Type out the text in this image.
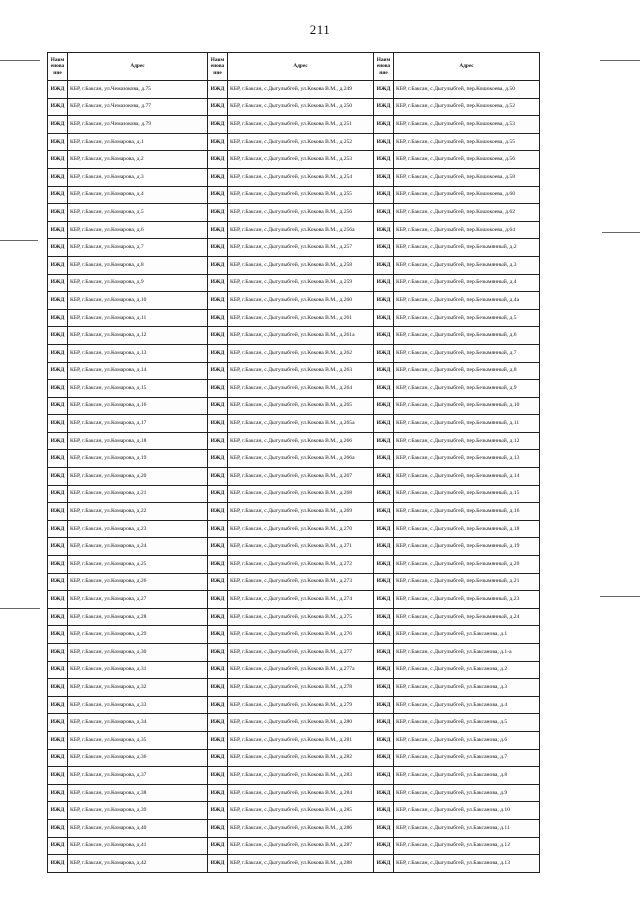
211
Наим енова ние	Адрес	Наим енова ние	Адрес	Наим енова ние	Адрес
ИЖД	КБР, г.Баксан, ул.Чемазокова, д.75	ИЖД	КБР, г.Баксан, с.Дыгулыбгей, ул.Кокова В.М., д.249	ИЖД	КБР, г.Баксан, с.Дыгулыбгей, пер.Кошокоева, д.50
ИЖД	КБР, г.Баксан, ул.Чемазокова, д.77	ИЖД	КБР, г.Баксан, с.Дыгулыбгей, ул.Кокова В.М., д.250	ИЖД	КБР, г.Баксан, с.Дыгулыбгей, пер.Кошокоева, д.52
ИЖД	КБР, г.Баксан, ул.Чемазокова, д.79	ИЖД	КБР, г.Баксан, с.Дыгулыбгей, ул.Кокова В.М., д.251	ИЖД	КБР, г.Баксан, с.Дыгулыбгей, пер.Кошокоева, д.53
ИЖД	КБР, г.Баксан, ул.Комарова, д.1	ИЖД	КБР, г.Баксан, с.Дыгулыбгей, ул.Кокова В.М., д.252	ИЖД	КБР, г.Баксан, с.Дыгулыбгей, пер.Кошокоева, д.55
ИЖД	КБР, г.Баксан, ул.Комарова, д.2	ИЖД	КБР, г.Баксан, с.Дыгулыбгей, ул.Кокова В.М., д.253	ИЖД	КБР, г.Баксан, с.Дыгулыбгей, пер.Кошокоева, д.56
ИЖД	КБР, г.Баксан, ул.Комарова, д.3	ИЖД	КБР, г.Баксан, с.Дыгулыбгей, ул.Кокова В.М., д.254	ИЖД	КБР, г.Баксан, с.Дыгулыбгей, пер.Кошокоева, д.58
ИЖД	КБР, г.Баксан, ул.Комарова, д.4	ИЖД	КБР, г.Баксан, с.Дыгулыбгей, ул.Кокова В.М., д.255	ИЖД	КБР, г.Баксан, с.Дыгулыбгей, пер.Кошокоева, д.60
ИЖД	КБР, г.Баксан, ул.Комарова, д.5	ИЖД	КБР, г.Баксан, с.Дыгулыбгей, ул.Кокова В.М., д.256	ИЖД	КБР, г.Баксан, с.Дыгулыбгей, пер.Кошокоева, д.62
ИЖД	КБР, г.Баксан, ул.Комарова, д.6	ИЖД	КБР, г.Баксан, с.Дыгулыбгей, ул.Кокова В.М., д.256а	ИЖД	КБР, г.Баксан, с.Дыгулыбгей, пер.Кошокоева, д.64
ИЖД	КБР, г.Баксан, ул.Комарова, д.7	ИЖД	КБР, г.Баксан, с.Дыгулыбгей, ул.Кокова В.М., д.257	ИЖД	КБР, г.Баксан, с.Дыгулыбгей, пер.Безымянный, д.2
ИЖД	КБР, г.Баксан, ул.Комарова, д.8	ИЖД	КБР, г.Баксан, с.Дыгулыбгей, ул.Кокова В.М., д.258	ИЖД	КБР, г.Баксан, с.Дыгулыбгей, пер.Безымянный, д.3
ИЖД	КБР, г.Баксан, ул.Комарова, д.9	ИЖД	КБР, г.Баксан, с.Дыгулыбгей, ул.Кокова В.М., д.259	ИЖД	КБР, г.Баксан, с.Дыгулыбгей, пер.Безымянный, д.4
ИЖД	КБР, г.Баксан, ул.Комарова, д.10	ИЖД	КБР, г.Баксан, с.Дыгулыбгей, ул.Кокова В.М., д.260	ИЖД	КБР, г.Баксан, с.Дыгулыбгей, пер.Безымянный, д.4а
ИЖД	КБР, г.Баксан, ул.Комарова, д.11	ИЖД	КБР, г.Баксан, с.Дыгулыбгей, ул.Кокова В.М., д.261	ИЖД	КБР, г.Баксан, с.Дыгулыбгей, пер.Безымянный, д.5
ИЖД	КБР, г.Баксан, ул.Комарова, д.12	ИЖД	КБР, г.Баксан, с.Дыгулыбгей, ул.Кокова В.М., д.261а	ИЖД	КБР, г.Баксан, с.Дыгулыбгей, пер.Безымянный, д.6
ИЖД	КБР, г.Баксан, ул.Комарова, д.13	ИЖД	КБР, г.Баксан, с.Дыгулыбгей, ул.Кокова В.М., д.262	ИЖД	КБР, г.Баксан, с.Дыгулыбгей, пер.Безымянный, д.7
ИЖД	КБР, г.Баксан, ул.Комарова, д.14	ИЖД	КБР, г.Баксан, с.Дыгулыбгей, ул.Кокова В.М., д.263	ИЖД	КБР, г.Баксан, с.Дыгулыбгей, пер.Безымянный, д.8
ИЖД	КБР, г.Баксан, ул.Комарова, д.15	ИЖД	КБР, г.Баксан, с.Дыгулыбгей, ул.Кокова В.М., д.264	ИЖД	КБР, г.Баксан, с.Дыгулыбгей, пер.Безымянный, д.9
ИЖД	КБР, г.Баксан, ул.Комарова, д.16	ИЖД	КБР, г.Баксан, с.Дыгулыбгей, ул.Кокова В.М., д.265	ИЖД	КБР, г.Баксан, с.Дыгулыбгей, пер.Безымянный, д.10
ИЖД	КБР, г.Баксан, ул.Комарова, д.17	ИЖД	КБР, г.Баксан, с.Дыгулыбгей, ул.Кокова В.М., д.265а	ИЖД	КБР, г.Баксан, с.Дыгулыбгей, пер.Безымянный, д.11
ИЖД	КБР, г.Баксан, ул.Комарова, д.18	ИЖД	КБР, г.Баксан, с.Дыгулыбгей, ул.Кокова В.М., д.266	ИЖД	КБР, г.Баксан, с.Дыгулыбгей, пер.Безымянный, д.12
ИЖД	КБР, г.Баксан, ул.Комарова, д.19	ИЖД	КБР, г.Баксан, с.Дыгулыбгей, ул.Кокова В.М., д.266а	ИЖД	КБР, г.Баксан, с.Дыгулыбгей, пер.Безымянный, д.13
ИЖД	КБР, г.Баксан, ул.Комарова, д.20	ИЖД	КБР, г.Баксан, с.Дыгулыбгей, ул.Кокова В.М., д.267	ИЖД	КБР, г.Баксан, с.Дыгулыбгей, пер.Безымянный, д.14
ИЖД	КБР, г.Баксан, ул.Комарова, д.21	ИЖД	КБР, г.Баксан, с.Дыгулыбгей, ул.Кокова В.М., д.268	ИЖД	КБР, г.Баксан, с.Дыгулыбгей, пер.Безымянный, д.15
ИЖД	КБР, г.Баксан, ул.Комарова, д.22	ИЖД	КБР, г.Баксан, с.Дыгулыбгей, ул.Кокова В.М., д.269	ИЖД	КБР, г.Баксан, с.Дыгулыбгей, пер.Безымянный, д.16
ИЖД	КБР, г.Баксан, ул.Комарова, д.23	ИЖД	КБР, г.Баксан, с.Дыгулыбгей, ул.Кокова В.М., д.270	ИЖД	КБР, г.Баксан, с.Дыгулыбгей, пер.Безымянный, д.18
ИЖД	КБР, г.Баксан, ул.Комарова, д.24	ИЖД	КБР, г.Баксан, с.Дыгулыбгей, ул.Кокова В.М., д.271	ИЖД	КБР, г.Баксан, с.Дыгулыбгей, пер.Безымянный, д.19
ИЖД	КБР, г.Баксан, ул.Комарова, д.25	ИЖД	КБР, г.Баксан, с.Дыгулыбгей, ул.Кокова В.М., д.272	ИЖД	КБР, г.Баксан, с.Дыгулыбгей, пер.Безымянный, д.20
ИЖД	КБР, г.Баксан, ул.Комарова, д.26	ИЖД	КБР, г.Баксан, с.Дыгулыбгей, ул.Кокова В.М., д.273	ИЖД	КБР, г.Баксан, с.Дыгулыбгей, пер.Безымянный, д.21
ИЖД	КБР, г.Баксан, ул.Комарова, д.27	ИЖД	КБР, г.Баксан, с.Дыгулыбгей, ул.Кокова В.М., д.274	ИЖД	КБР, г.Баксан, с.Дыгулыбгей, пер.Безымянный, д.23
ИЖД	КБР, г.Баксан, ул.Комарова, д.28	ИЖД	КБР, г.Баксан, с.Дыгулыбгей, ул.Кокова В.М., д.275	ИЖД	КБР, г.Баксан, с.Дыгулыбгей, пер.Безымянный, д.24
ИЖД	КБР, г.Баксан, ул.Комарова, д.29	ИЖД	КБР, г.Баксан, с.Дыгулыбгей, ул.Кокова В.М., д.276	ИЖД	КБР, г.Баксан, с.Дыгулыбгей, ул.Баксанова, д.1
ИЖД	КБР, г.Баксан, ул.Комарова, д.30	ИЖД	КБР, г.Баксан, с.Дыгулыбгей, ул.Кокова В.М., д.277	ИЖД	КБР, г.Баксан, с.Дыгулыбгей, ул.Баксанова, д.1-а
ИЖД	КБР, г.Баксан, ул.Комарова, д.31	ИЖД	КБР, г.Баксан, с.Дыгулыбгей, ул.Кокова В.М., д.277а	ИЖД	КБР, г.Баксан, с.Дыгулыбгей, ул.Баксанова, д.2
ИЖД	КБР, г.Баксан, ул.Комарова, д.32	ИЖД	КБР, г.Баксан, с.Дыгулыбгей, ул.Кокова В.М., д.278	ИЖД	КБР, г.Баксан, с.Дыгулыбгей, ул.Баксанова, д.3
ИЖД	КБР, г.Баксан, ул.Комарова, д.33	ИЖД	КБР, г.Баксан, с.Дыгулыбгей, ул.Кокова В.М., д.279	ИЖД	КБР, г.Баксан, с.Дыгулыбгей, ул.Баксанова, д.4
ИЖД	КБР, г.Баксан, ул.Комарова, д.34	ИЖД	КБР, г.Баксан, с.Дыгулыбгей, ул.Кокова В.М., д.280	ИЖД	КБР, г.Баксан, с.Дыгулыбгей, ул.Баксанова, д.5
ИЖД	КБР, г.Баксан, ул.Комарова, д.35	ИЖД	КБР, г.Баксан, с.Дыгулыбгей, ул.Кокова В.М., д.281	ИЖД	КБР, г.Баксан, с.Дыгулыбгей, ул.Баксанова, д.6
ИЖД	КБР, г.Баксан, ул.Комарова, д.36	ИЖД	КБР, г.Баксан, с.Дыгулыбгей, ул.Кокова В.М., д.282	ИЖД	КБР, г.Баксан, с.Дыгулыбгей, ул.Баксанова, д.7
ИЖД	КБР, г.Баксан, ул.Комарова, д.37	ИЖД	КБР, г.Баксан, с.Дыгулыбгей, ул.Кокова В.М., д.283	ИЖД	КБР, г.Баксан, с.Дыгулыбгей, ул.Баксанова, д.8
ИЖД	КБР, г.Баксан, ул.Комарова, д.38	ИЖД	КБР, г.Баксан, с.Дыгулыбгей, ул.Кокова В.М., д.284	ИЖД	КБР, г.Баксан, с.Дыгулыбгей, ул.Баксанова, д.9
ИЖД	КБР, г.Баксан, ул.Комарова, д.39	ИЖД	КБР, г.Баксан, с.Дыгулыбгей, ул.Кокова В.М., д.285	ИЖД	КБР, г.Баксан, с.Дыгулыбгей, ул.Баксанова, д.10
ИЖД	КБР, г.Баксан, ул.Комарова, д.40	ИЖД	КБР, г.Баксан, с.Дыгулыбгей, ул.Кокова В.М., д.286	ИЖД	КБР, г.Баксан, с.Дыгулыбгей, ул.Баксанова, д.11
ИЖД	КБР, г.Баксан, ул.Комарова, д.41	ИЖД	КБР, г.Баксан, с.Дыгулыбгей, ул.Кокова В.М., д.287	ИЖД	КБР, г.Баксан, с.Дыгулыбгей, ул.Баксанова, д.12
ИЖД	КБР, г.Баксан, ул.Комарова, д.42	ИЖД	КБР, г.Баксан, с.Дыгулыбгей, ул.Кокова В.М., д.288	ИЖД	КБР, г.Баксан, с.Дыгулыбгей, ул.Баксанова, д.13
